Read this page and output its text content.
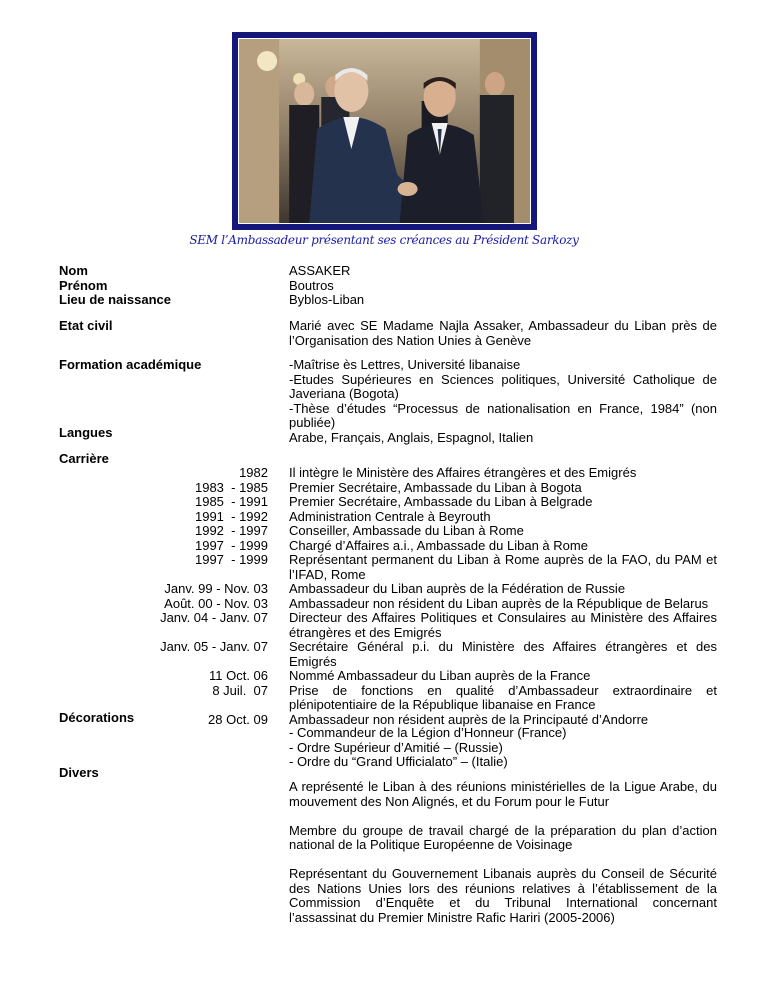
SEM l’Ambassadeur présentant ses créances au Président Sarkozy
Nom
Prénom
Lieu de naissance
ASSAKER
Boutros
Byblos-Liban
Etat civil	Marié avec SE Madame Najla Assaker, Ambassadeur du Liban près de l’Organisation des Nation Unies à Genève
Formation académique	-Maîtrise ès Lettres, Université libanaise
-Etudes Supérieures en Sciences politiques, Université Catholique de Javeriana (Bogota)
-Thèse d’études “Processus de nationalisation en France, 1984” (non publiée)
Arabe, Français, Anglais, Espagnol, Italien
Langues
Carrière
1982
1983  - 1985
1985  - 1991
1991  - 1992
1992  - 1997
1997  - 1999
1997  - 1999
Janv. 99 - Nov. 03
Août. 00 - Nov. 03
Janv. 04 - Janv. 07
Janv. 05 - Janv. 07
11 Oct. 06
8 Juil.  07
28 Oct. 09
Il intègre le Ministère des Affaires étrangères et des Emigrés
Premier Secrétaire, Ambassade du Liban à Bogota
Premier Secrétaire, Ambassade du Liban à Belgrade
Administration Centrale à Beyrouth
Conseiller, Ambassade du Liban à Rome
Chargé d’Affaires a.i., Ambassade du Liban à Rome
Représentant permanent du Liban à Rome auprès de la FAO, du PAM et l’IFAD, Rome
Ambassadeur du Liban auprès de la Fédération de Russie
Ambassadeur non résident du Liban auprès de la République de Belarus
Directeur des Affaires Politiques et Consulaires au Ministère des Affaires étrangères et des Emigrés
Secrétaire Général p.i. du Ministère des Affaires étrangères et des Emigrés
Nommé Ambassadeur du Liban auprès de la France
Prise de fonctions en qualité d’Ambassadeur extraordinaire et plénipotentiaire de la République libanaise en France
Ambassadeur non résident auprès de la Principauté d’Andorre
Décorations
- Commandeur de la Légion d’Honneur (France)
- Ordre Supérieur d’Amitié – (Russie)
- Ordre du “Grand Ufficialato” – (Italie)
Divers
A représenté le Liban à des réunions ministérielles de la Ligue Arabe, du mouvement des Non Alignés, et du Forum pour le Futur
Membre du groupe de travail chargé de la préparation du plan d’action national de la Politique Européenne de Voisinage
Représentant du Gouvernement Libanais auprès du Conseil de Sécurité des Nations Unies lors des réunions relatives à l’établissement de la Commission d’Enquête et du Tribunal International concernant l’assassinat du Premier Ministre Rafic Hariri (2005-2006)
